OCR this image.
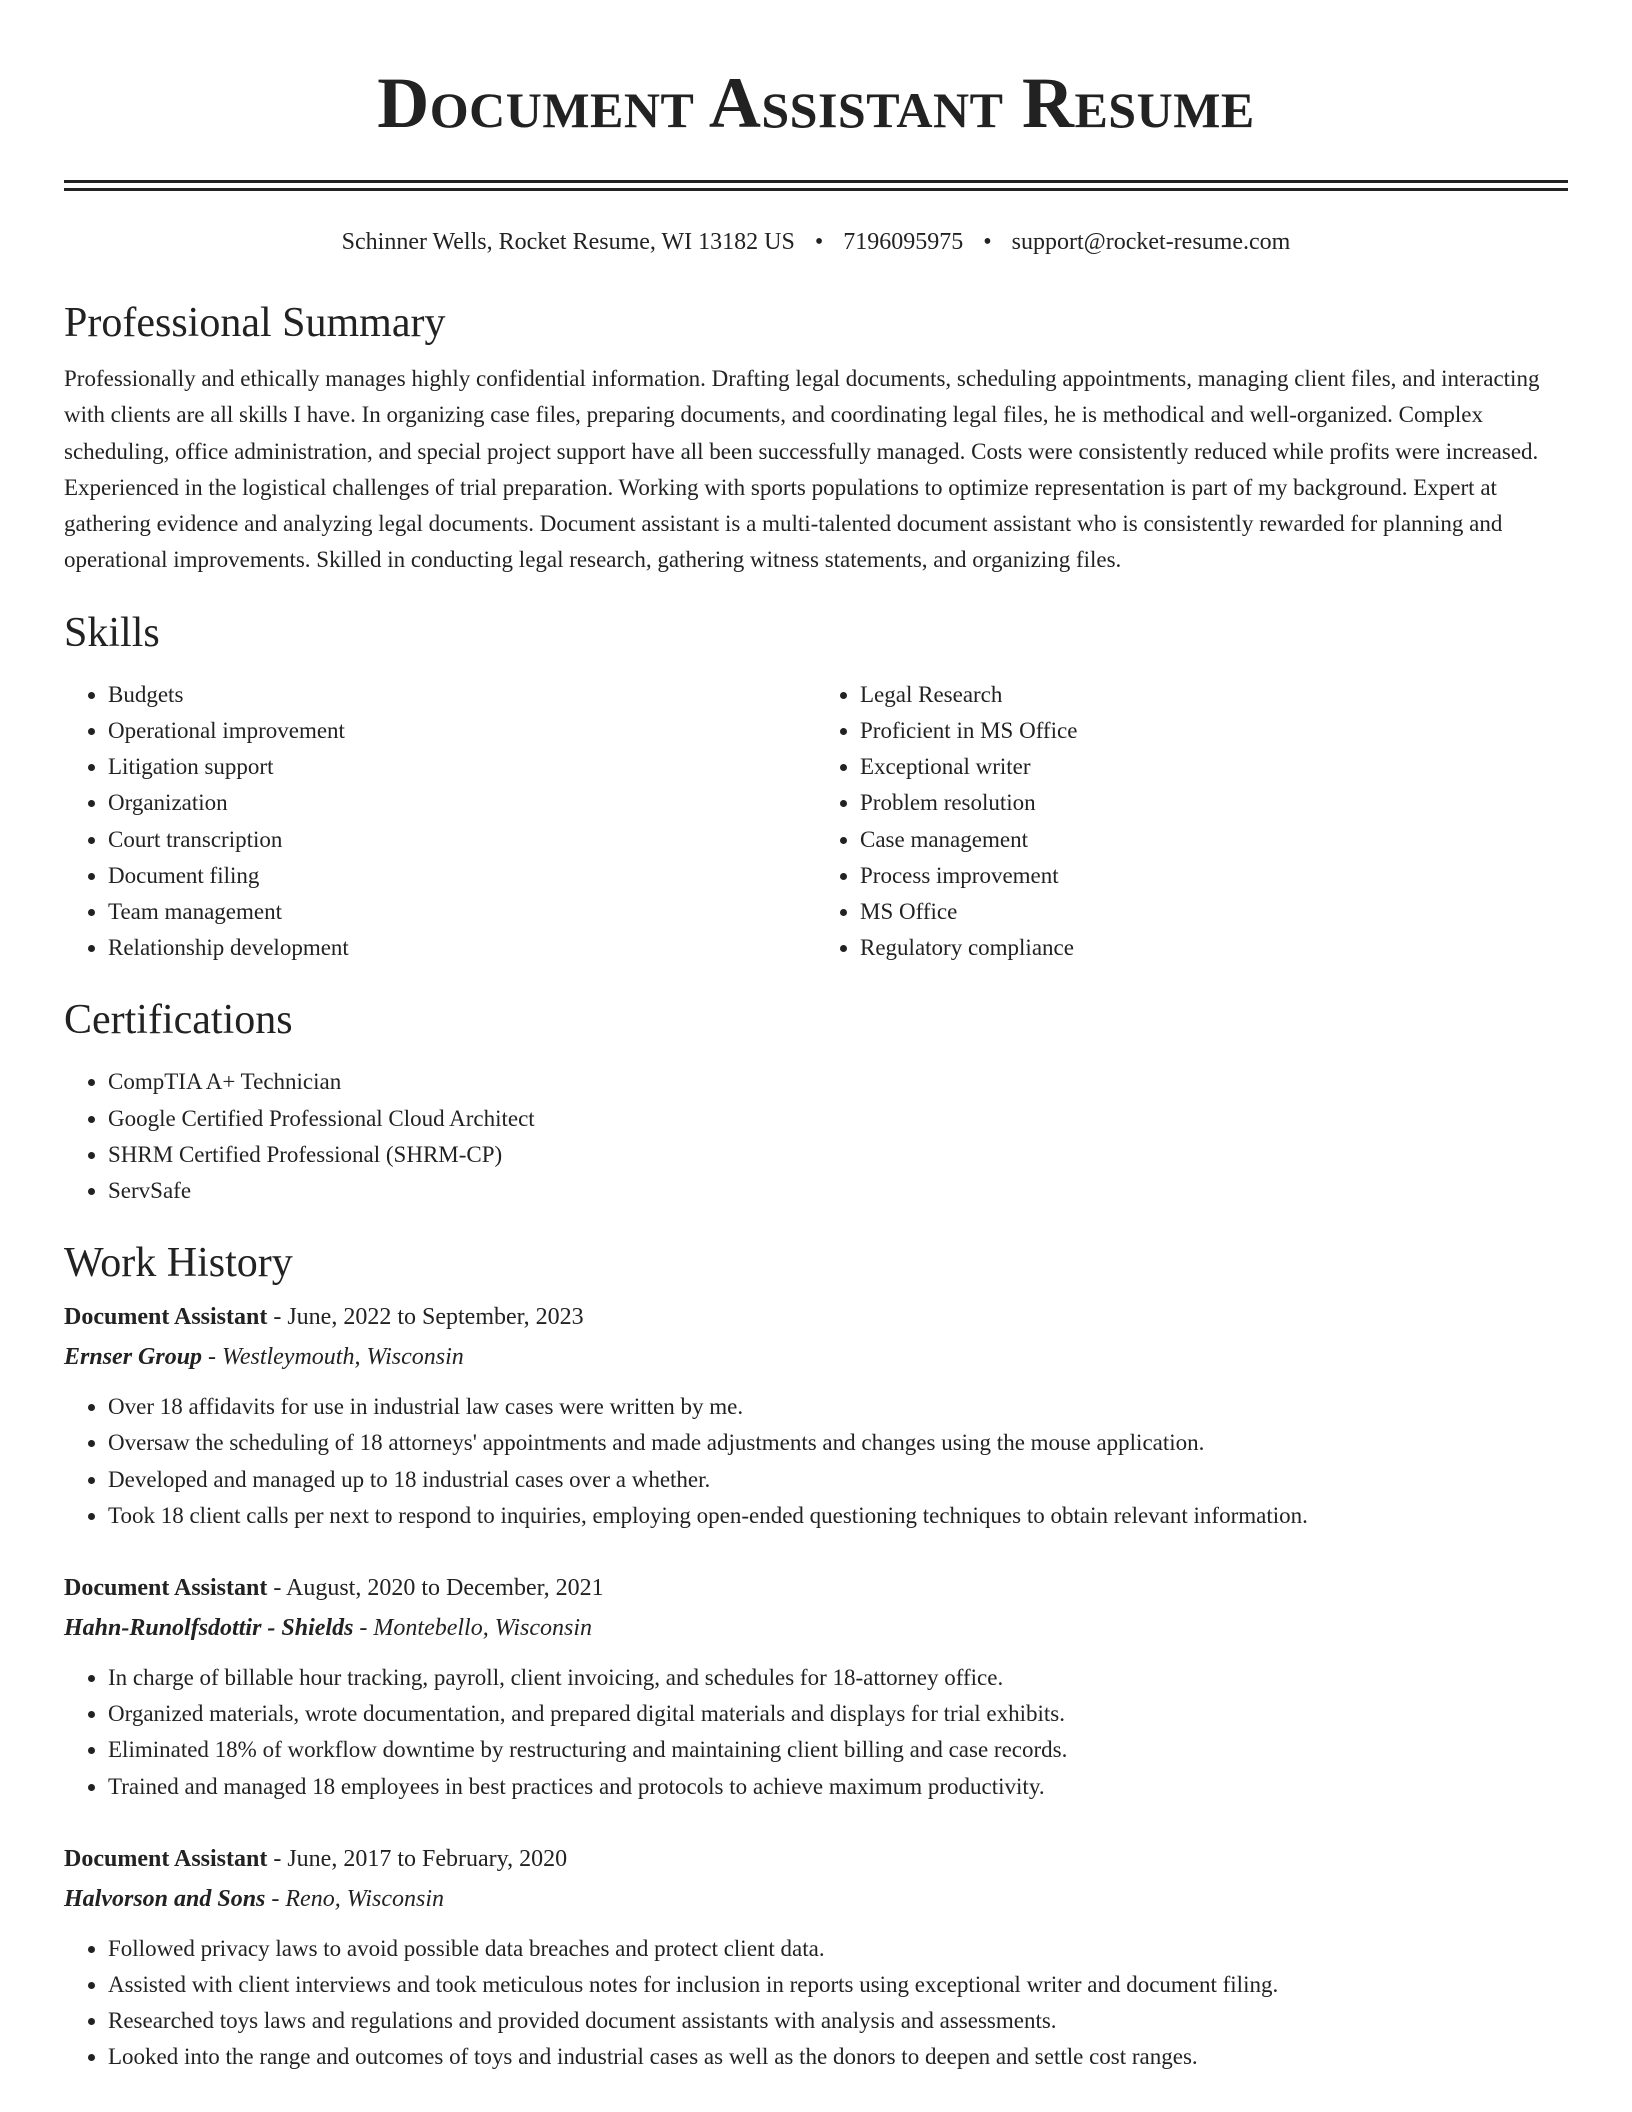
Document Assistant Resume
Schinner Wells, Rocket Resume, WI 13182 US • 7196095975 • support@rocket-resume.com
Professional Summary

Professionally and ethically manages highly confidential information. Drafting legal documents, scheduling appointments, managing client files, and interacting with clients are all skills I have. In organizing case files, preparing documents, and coordinating legal files, he is methodical and well-organized. Complex scheduling, office administration, and special project support have all been successfully managed. Costs were consistently reduced while profits were increased. Experienced in the logistical challenges of trial preparation. Working with sports populations to optimize representation is part of my background. Expert at gathering evidence and analyzing legal documents. Document assistant is a multi-talented document assistant who is consistently rewarded for planning and operational improvements. Skilled in conducting legal research, gathering witness statements, and organizing files.

Skills
• Budgets
• Operational improvement
• Litigation support
• Organization
• Court transcription
• Document filing
• Team management
• Relationship development
• Legal Research
• Proficient in MS Office
• Exceptional writer
• Problem resolution
• Case management
• Process improvement
• MS Office
• Regulatory compliance
Certifications
• CompTIA A+ Technician
• Google Certified Professional Cloud Architect
• SHRM Certified Professional (SHRM-CP)
• ServSafe
Work History
Document Assistant - June, 2022 to September, 2023
Ernser Group - Westleymouth, Wisconsin
• Over 18 affidavits for use in industrial law cases were written by me.
• Oversaw the scheduling of 18 attorneys' appointments and made adjustments and changes using the mouse application.
• Developed and managed up to 18 industrial cases over a whether.
• Took 18 client calls per next to respond to inquiries, employing open-ended questioning techniques to obtain relevant information.
Document Assistant - August, 2020 to December, 2021
Hahn-Runolfsdottir - Shields - Montebello, Wisconsin
• In charge of billable hour tracking, payroll, client invoicing, and schedules for 18-attorney office.
• Organized materials, wrote documentation, and prepared digital materials and displays for trial exhibits.
• Eliminated 18% of workflow downtime by restructuring and maintaining client billing and case records.
• Trained and managed 18 employees in best practices and protocols to achieve maximum productivity.
Document Assistant - June, 2017 to February, 2020
Halvorson and Sons - Reno, Wisconsin
• Followed privacy laws to avoid possible data breaches and protect client data.
• Assisted with client interviews and took meticulous notes for inclusion in reports using exceptional writer and document filing.
• Researched toys laws and regulations and provided document assistants with analysis and assessments.
• Looked into the range and outcomes of toys and industrial cases as well as the donors to deepen and settle cost ranges.
